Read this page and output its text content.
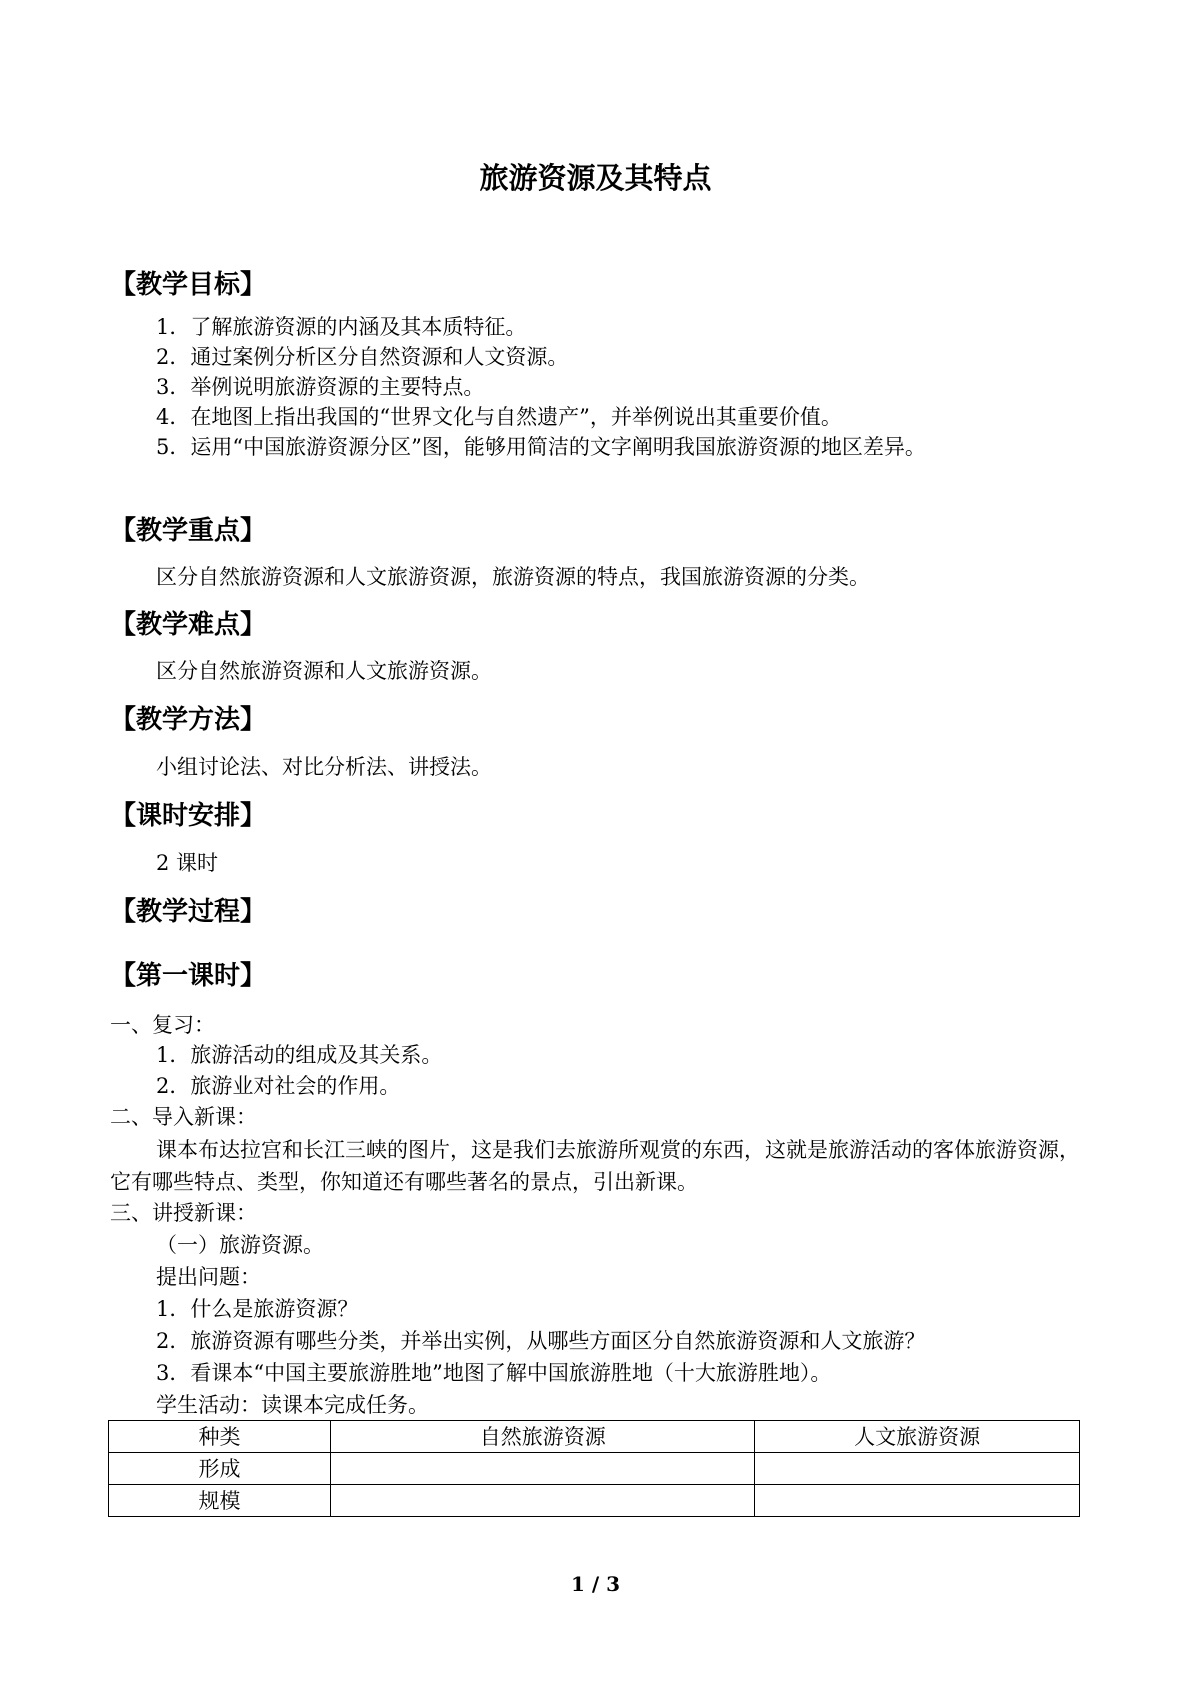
旅游资源及其特点
【教学目标】
1．了解旅游资源的内涵及其本质特征。
2．通过案例分析区分自然资源和人文资源。
3．举例说明旅游资源的主要特点。
4．在地图上指出我国的“世界文化与自然遗产”，并举例说出其重要价值。
5．运用“中国旅游资源分区”图，能够用简洁的文字阐明我国旅游资源的地区差异。
【教学重点】
区分自然旅游资源和人文旅游资源，旅游资源的特点，我国旅游资源的分类。
【教学难点】
区分自然旅游资源和人文旅游资源。
【教学方法】
小组讨论法、对比分析法、讲授法。
【课时安排】
2 课时
【教学过程】
【第一课时】
一、复习：
1．旅游活动的组成及其关系。
2．旅游业对社会的作用。
二、导入新课：
课本布达拉宫和长江三峡的图片，这是我们去旅游所观赏的东西，这就是旅游活动的客体旅游资源，它有哪些特点、类型，你知道还有哪些著名的景点，引出新课。
三、讲授新课：
（一）旅游资源。
提出问题：
1．什么是旅游资源？
2．旅游资源有哪些分类，并举出实例，从哪些方面区分自然旅游资源和人文旅游？
3．看课本“中国主要旅游胜地”地图了解中国旅游胜地（十大旅游胜地）。
学生活动：读课本完成任务。
种类	自然旅游资源	人文旅游资源
形成		
规模		
1 / 3
